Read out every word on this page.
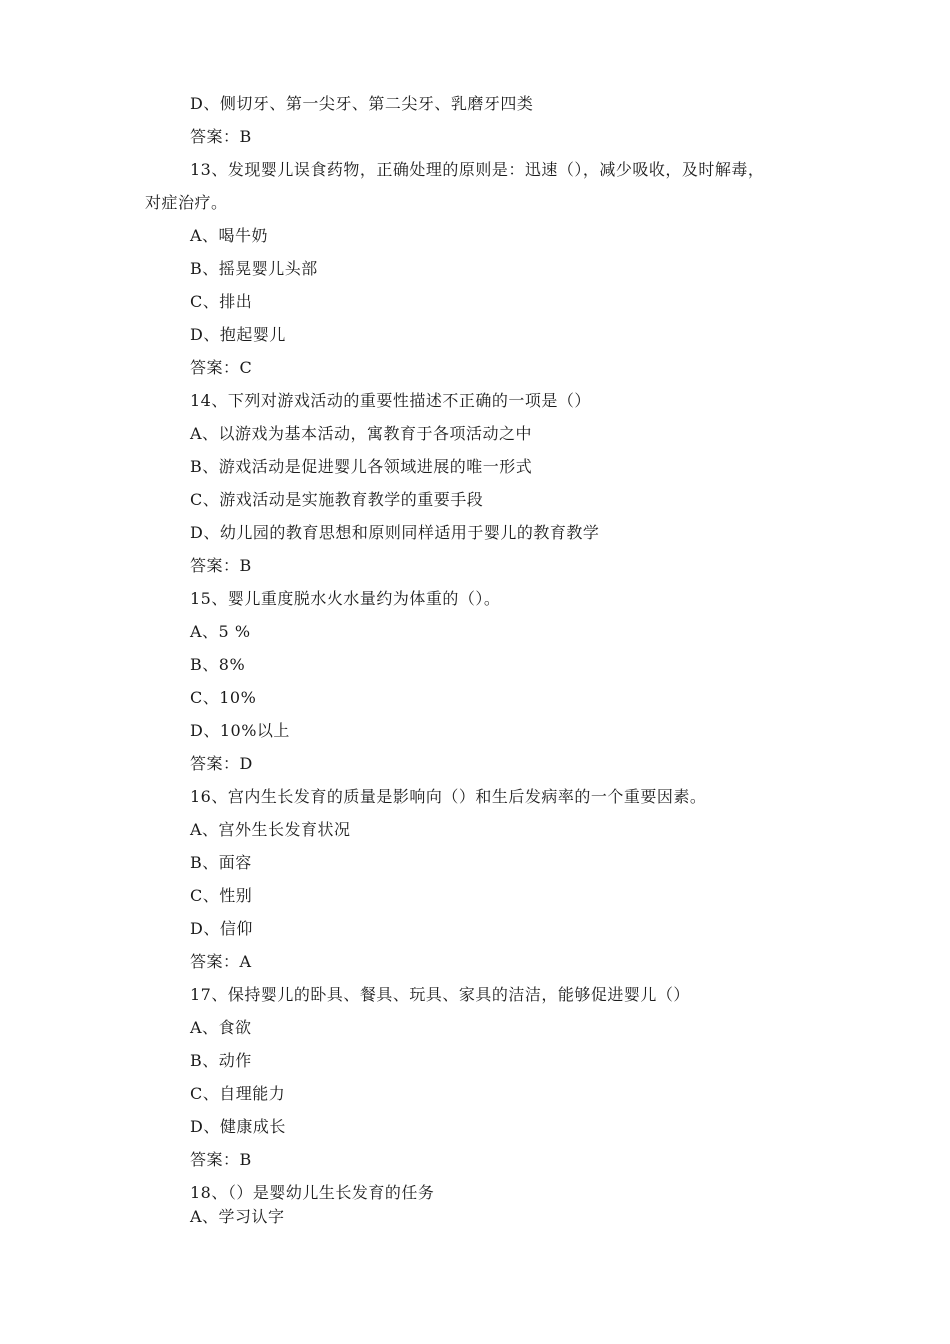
D、侧切牙、第一尖牙、第二尖牙、乳磨牙四类
答案：B
13、发现婴儿误食药物，正确处理的原则是：迅速（），减少吸收，及时解毒，
对症治疗。
A、喝牛奶
B、摇晃婴儿头部
C、排出
D、抱起婴儿
答案：C
14、下列对游戏活动的重要性描述不正确的一项是（）
A、以游戏为基本活动，寓教育于各项活动之中
B、游戏活动是促进婴儿各领域进展的唯一形式
C、游戏活动是实施教育教学的重要手段
D、幼儿园的教育思想和原则同样适用于婴儿的教育教学
答案：B
15、婴儿重度脱水火水量约为体重的（）。
A、5 %
B、8%
C、10%
D、10%以上
答案：D
16、宫内生长发育的质量是影响向（）和生后发病率的一个重要因素。
A、宫外生长发育状况
B、面容
C、性别
D、信仰
答案：A
17、保持婴儿的卧具、餐具、玩具、家具的洁洁，能够促进婴儿（）
A、食欲
B、动作
C、自理能力
D、健康成长
答案：B
18、（）是婴幼儿生长发育的任务
A、学习认字
